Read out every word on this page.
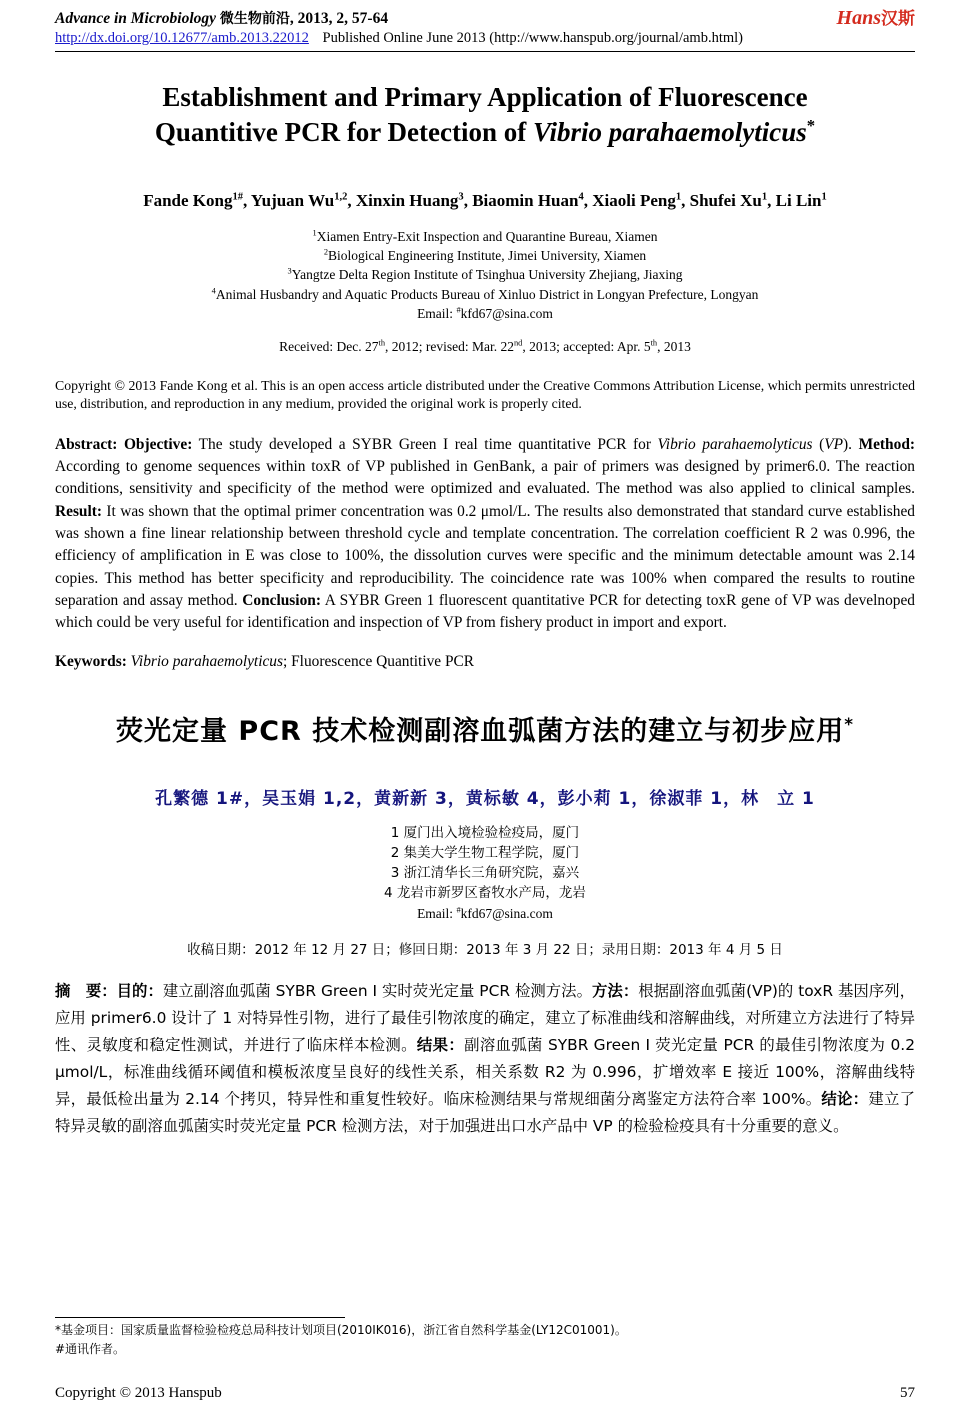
Advance in Microbiology 微生物前沿, 2013, 2, 57-64	Hans汉斯
http://dx.doi.org/10.12677/amb.2013.22012 Published Online June 2013 (http://www.hanspub.org/journal/amb.html)
Establishment and Primary Application of Fluorescence
Quantitive PCR for Detection of Vibrio parahaemolyticus*
Fande Kong$^{1\#}$, Yujuan Wu$^{1,2}$, Xinxin Huang$^3$, Biaomin Huan$^4$, Xiaoli Peng$^1$, Shufei Xu$^1$, Li Lin$^1$
$^1$Xiamen Entry-Exit Inspection and Quarantine Bureau, Xiamen
$^2$Biological Engineering Institute, Jimei University, Xiamen
$^3$Yangtze Delta Region Institute of Tsinghua University Zhejiang, Jiaxing
$^4$Animal Husbandry and Aquatic Products Bureau of Xinluo District in Longyan Prefecture, Longyan
Email: #kfd67@sina.com
Received: Dec. 27th, 2012; revised: Mar. 22nd, 2013; accepted: Apr. 5th, 2013
Copyright © 2013 Fande Kong et al. This is an open access article distributed under the Creative Commons Attribution License, which permits unrestricted use, distribution, and reproduction in any medium, provided the original work is properly cited.
Abstract: Objective: The study developed a SYBR Green I real time quantitative PCR for Vibrio parahaemolyticus (VP). Method: According to genome sequences within toxR of VP published in GenBank, a pair of primers was designed by primer6.0. The reaction conditions, sensitivity and specificity of the method were optimized and evaluated. The method was also applied to clinical samples. Result: It was shown that the optimal primer concentration was 0.2 μmol/L. The results also demonstrated that standard curve established was shown a fine linear relationship between threshold cycle and template concentration. The correlation coefficient R 2 was 0.996, the efficiency of amplification in E was close to 100%, the dissolution curves were specific and the minimum detectable amount was 2.14 copies. This method has better specificity and reproducibility. The coincidence rate was 100% when compared the results to routine separation and assay method. Conclusion: A SYBR Green 1 fluorescent quantitative PCR for detecting toxR gene of VP was develnoped which could be very useful for identification and inspection of VP from fishery product in import and export.
Keywords: Vibrio parahaemolyticus; Fluorescence Quantitive PCR
荧光定量 PCR 技术检测副溶血弧菌方法的建立与初步应用*
孔繁德 1#，吴玉娟 1,2，黄新新 3，黄标敏 4，彭小莉 1，徐淑菲 1，林　立 1
1 厦门出入境检验检疫局，厦门
2 集美大学生物工程学院，厦门
3 浙江清华长三角研究院，嘉兴
4 龙岩市新罗区畜牧水产局，龙岩
Email: #kfd67@sina.com
收稿日期：2012 年 12 月 27 日；修回日期：2013 年 3 月 22 日；录用日期：2013 年 4 月 5 日
摘　要：目的：建立副溶血弧菌 SYBR Green I 实时荧光定量 PCR 检测方法。方法：根据副溶血弧菌(VP)的 toxR 基因序列，应用 primer6.0 设计了 1 对特异性引物，进行了最佳引物浓度的确定，建立了标准曲线和溶解曲线，对所建立方法进行了特异性、灵敏度和稳定性测试，并进行了临床样本检测。结果：副溶血弧菌 SYBR Green I 荧光定量 PCR 的最佳引物浓度为 0.2 μmol/L，标准曲线循环阈值和模板浓度呈良好的线性关系，相关系数 R2 为 0.996，扩增效率 E 接近 100%，溶解曲线特异，最低检出量为 2.14 个拷贝，特异性和重复性较好。临床检测结果与常规细菌分离鉴定方法符合率 100%。结论：建立了特异灵敏的副溶血弧菌实时荧光定量 PCR 检测方法，对于加强进出口水产品中 VP 的检验检疫具有十分重要的意义。
*基金项目：国家质量监督检验检疫总局科技计划项目(2010IK016)，浙江省自然科学基金(LY12C01001)。
#通讯作者。
Copyright © 2013 Hanspub	57
